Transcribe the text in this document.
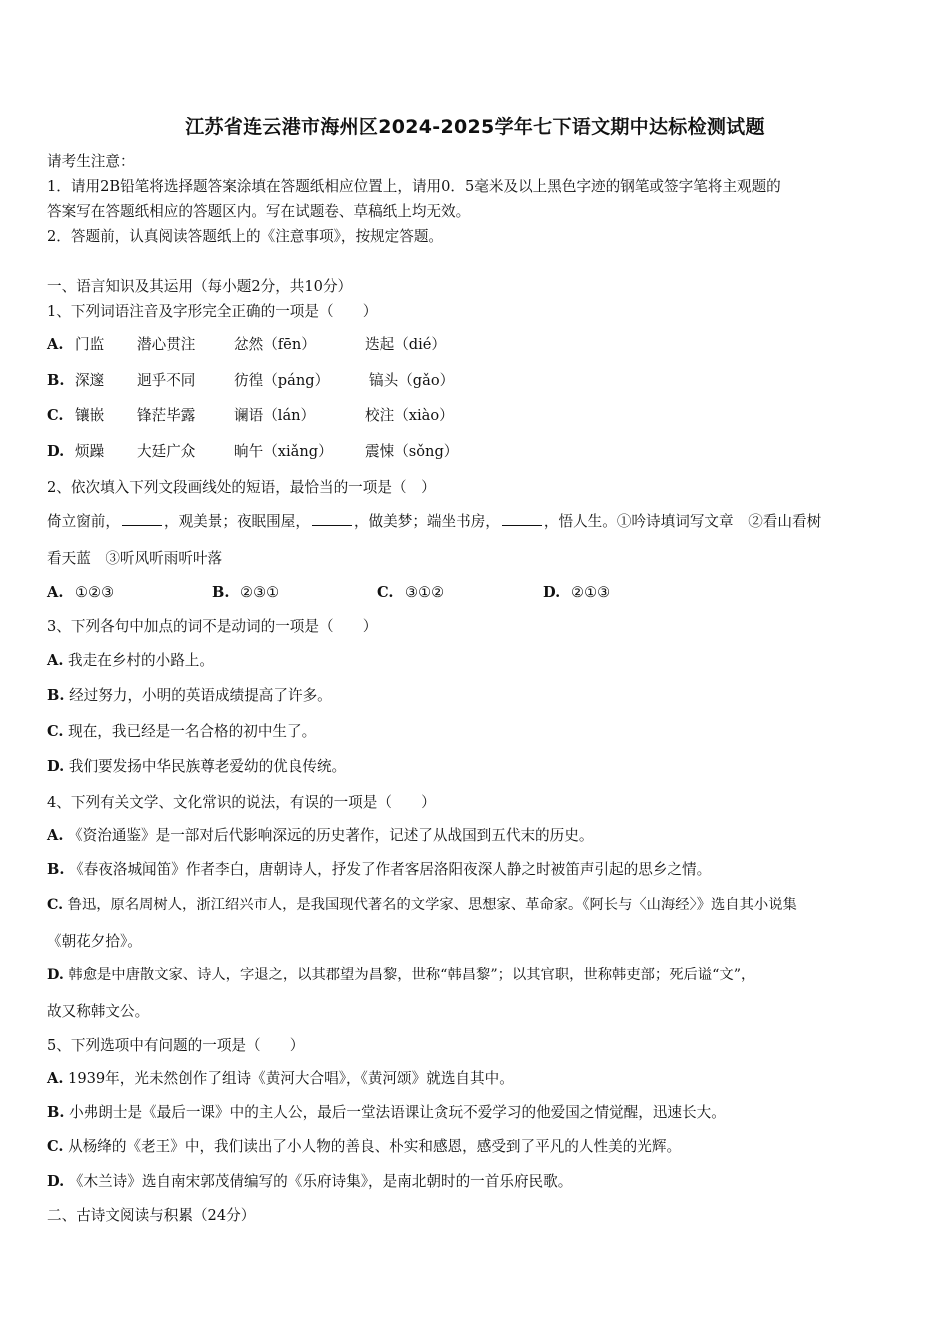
江苏省连云港市海州区2024-2025学年七下语文期中达标检测试题
请考生注意：
1．请用2B铅笔将选择题答案涂填在答题纸相应位置上，请用0．5毫米及以上黑色字迹的钢笔或签字笔将主观题的
答案写在答题纸相应的答题区内。写在试题卷、草稿纸上均无效。
2．答题前，认真阅读答题纸上的《注意事项》，按规定答题。
一、语言知识及其运用（每小题2分，共10分）
1、下列词语注音及字形完全正确的一项是（　　）
A. 门监 潜心贯注	忿然（fēn）	迭起（dié）
B. 深邃 迥乎不同	彷徨（páng）	镐头（gǎo）
C. 镶嵌 锋茫毕露	谰语（lán）	校注（xiào）
D. 烦躁 大廷广众	晌午（xiǎng） 震悚（sǒng）
2、依次填入下列文段画线处的短语，最恰当的一项是（　）
倚立窗前，	，观美景；夜眠围屋，	，做美梦；端坐书房，	，悟人生。①吟诗填词写文章　②看山看树
看天蓝　③听风听雨听叶落
A. ①②③	B. ②③①	C. ③①②	D. ②①③
3、下列各句中加点的词不是动词的一项是（　　）
A. 我走在乡村的小路上。
B. 经过努力，小明的英语成绩提高了许多。
C. 现在，我已经是一名合格的初中生了。
D. 我们要发扬中华民族尊老爱幼的优良传统。
4、下列有关文学、文化常识的说法，有误的一项是（　　）
A. 《资治通鉴》是一部对后代影响深远的历史著作，记述了从战国到五代末的历史。
B. 《春夜洛城闻笛》作者李白，唐朝诗人，抒发了作者客居洛阳夜深人静之时被笛声引起的思乡之情。
C. 鲁迅，原名周树人，浙江绍兴市人，是我国现代著名的文学家、思想家、革命家。《阿长与〈山海经〉》选自其小说集
《朝花夕拾》。
D. 韩愈是中唐散文家、诗人，字退之，以其郡望为昌黎，世称“韩昌黎”；以其官职，世称韩吏部；死后谥“文”，
故又称韩文公。
5、下列选项中有问题的一项是（　　）
A. 1939年，光未然创作了组诗《黄河大合唱》，《黄河颂》就选自其中。
B. 小弗朗士是《最后一课》中的主人公，最后一堂法语课让贪玩不爱学习的他爱国之情觉醒，迅速长大。
C. 从杨绛的《老王》中，我们读出了小人物的善良、朴实和感恩，感受到了平凡的人性美的光辉。
D. 《木兰诗》选自南宋郭茂倩编写的《乐府诗集》，是南北朝时的一首乐府民歌。
二、古诗文阅读与积累（24分）
